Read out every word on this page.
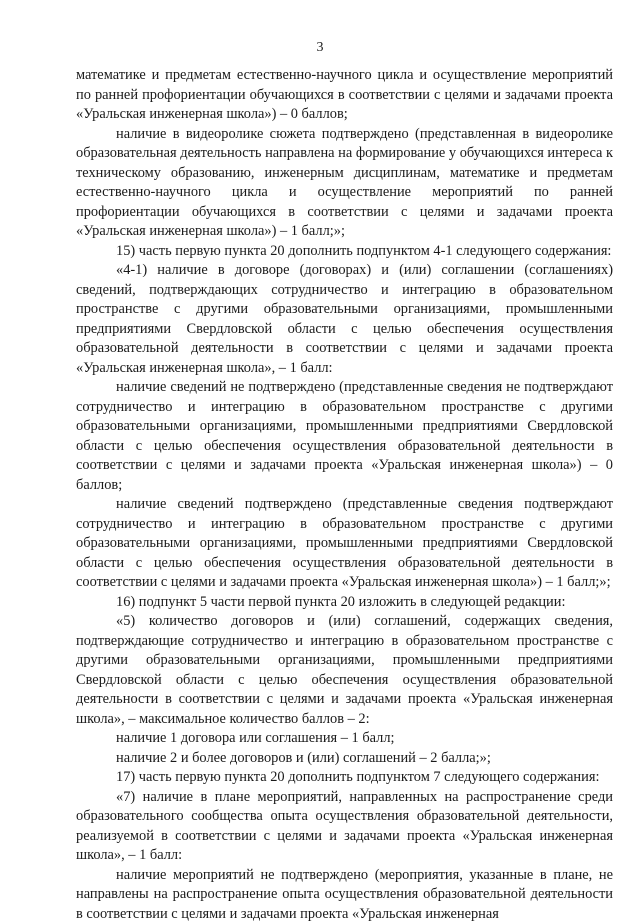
3

математике и предметам естественно-научного цикла и осуществление мероприятий по ранней профориентации обучающихся в соответствии с целями и задачами проекта «Уральская инженерная школа») – 0 баллов;

наличие в видеоролике сюжета подтверждено (представленная в видеоролике образовательная деятельность направлена на формирование у обучающихся интереса к техническому образованию, инженерным дисциплинам, математике и предметам естественно-научного цикла и осуществление мероприятий по ранней профориентации обучающихся в соответствии с целями и задачами проекта «Уральская инженерная школа») – 1 балл;»;

15) часть первую пункта 20 дополнить подпунктом 4-1 следующего содержания:

«4-1) наличие в договоре (договорах) и (или) соглашении (соглашениях) сведений, подтверждающих сотрудничество и интеграцию в образовательном пространстве с другими образовательными организациями, промышленными предприятиями Свердловской области с целью обеспечения осуществления образовательной деятельности в соответствии с целями и задачами проекта «Уральская инженерная школа», – 1 балл:

наличие сведений не подтверждено (представленные сведения не подтверждают сотрудничество и интеграцию в образовательном пространстве с другими образовательными организациями, промышленными предприятиями Свердловской области с целью обеспечения осуществления образовательной деятельности в соответствии с целями и задачами проекта «Уральская инженерная школа») – 0 баллов;

наличие сведений подтверждено (представленные сведения подтверждают сотрудничество и интеграцию в образовательном пространстве с другими образовательными организациями, промышленными предприятиями Свердловской области с целью обеспечения осуществления образовательной деятельности в соответствии с целями и задачами проекта «Уральская инженерная школа») – 1 балл;»;

16) подпункт 5 части первой пункта 20 изложить в следующей редакции:

«5) количество договоров и (или) соглашений, содержащих сведения, подтверждающие сотрудничество и интеграцию в образовательном пространстве с другими образовательными организациями, промышленными предприятиями Свердловской области с целью обеспечения осуществления образовательной деятельности в соответствии с целями и задачами проекта «Уральская инженерная школа», – максимальное количество баллов – 2:

наличие 1 договора или соглашения – 1 балл;

наличие 2 и более договоров и (или) соглашений – 2 балла;»;

17) часть первую пункта 20 дополнить подпунктом 7 следующего содержания:

«7) наличие в плане мероприятий, направленных на распространение среди образовательного сообщества опыта осуществления образовательной деятельности, реализуемой в соответствии с целями и задачами проекта «Уральская инженерная школа», – 1 балл:

наличие мероприятий не подтверждено (мероприятия, указанные в плане, не направлены на распространение опыта осуществления образовательной деятельности в соответствии с целями и задачами проекта «Уральская инженерная
